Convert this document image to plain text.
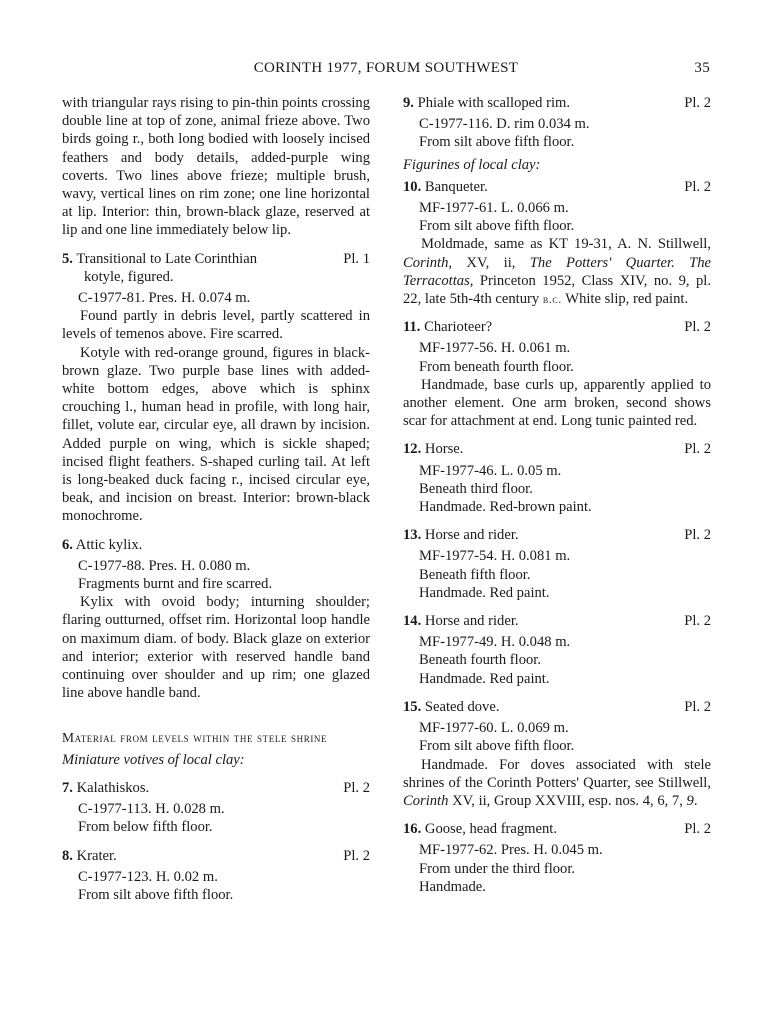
CORINTH 1977, FORUM SOUTHWEST	35

with triangular rays rising to pin-thin points crossing double line at top of zone, animal frieze above. Two birds going r., both long bodied with loosely incised feathers and body details, added-purple wing coverts. Two lines above frieze; multiple brush, wavy, vertical lines on rim zone; one line horizontal at lip. Interior: thin, brown-black glaze, reserved at lip and one line immediately below lip.

5. Transitional to Late Corinthian
kotyle, figured.
Pl. 1

C-1977-81. Pres. H. 0.074 m.

Found partly in debris level, partly scattered in levels of temenos above. Fire scarred.

Kotyle with red-orange ground, figures in black-brown glaze. Two purple base lines with added-white bottom edges, above which is sphinx crouching l., human head in profile, with long hair, fillet, volute ear, circular eye, all drawn by incision. Added purple on wing, which is sickle shaped; incised flight feathers. S-shaped curling tail. At left is long-beaked duck facing r., incised circular eye, beak, and incision on breast. Interior: brown-black monochrome.

6. Attic kylix.

C-1977-88. Pres. H. 0.080 m.

Fragments burnt and fire scarred.

Kylix with ovoid body; inturning shoulder; flaring outturned, offset rim. Horizontal loop handle on maximum diam. of body. Black glaze on exterior and interior; exterior with reserved handle band continuing over shoulder and up rim; one glazed line above handle band.

Material from levels within the stele shrine

Miniature votives of local clay:

7. Kalathiskos.	Pl. 2

C-1977-113. H. 0.028 m.

From below fifth floor.

8. Krater.	Pl. 2

C-1977-123. H. 0.02 m.

From silt above fifth floor.

9. Phiale with scalloped rim.	Pl. 2

C-1977-116. D. rim 0.034 m.

From silt above fifth floor.

Figurines of local clay:

10. Banqueter.	Pl. 2

MF-1977-61. L. 0.066 m.

From silt above fifth floor.

Moldmade, same as KT 19-31, A. N. Stillwell, Corinth, XV, ii, The Potters' Quarter. The Terracottas, Princeton 1952, Class XIV, no. 9, pl. 22, late 5th-4th century b.c. White slip, red paint.

11. Charioteer?	Pl. 2

MF-1977-56. H. 0.061 m.

From beneath fourth floor.

Handmade, base curls up, apparently applied to another element. One arm broken, second shows scar for attachment at end. Long tunic painted red.

12. Horse.	Pl. 2

MF-1977-46. L. 0.05 m.

Beneath third floor.

Handmade. Red-brown paint.

13. Horse and rider.	Pl. 2

MF-1977-54. H. 0.081 m.

Beneath fifth floor.

Handmade. Red paint.

14. Horse and rider.	Pl. 2

MF-1977-49. H. 0.048 m.

Beneath fourth floor.

Handmade. Red paint.

15. Seated dove.	Pl. 2

MF-1977-60. L. 0.069 m.

From silt above fifth floor.

Handmade. For doves associated with stele shrines of the Corinth Potters' Quarter, see Stillwell, Corinth XV, ii, Group XXVIII, esp. nos. 4, 6, 7, 9.

16. Goose, head fragment.	Pl. 2

MF-1977-62. Pres. H. 0.045 m.

From under the third floor.

Handmade.
